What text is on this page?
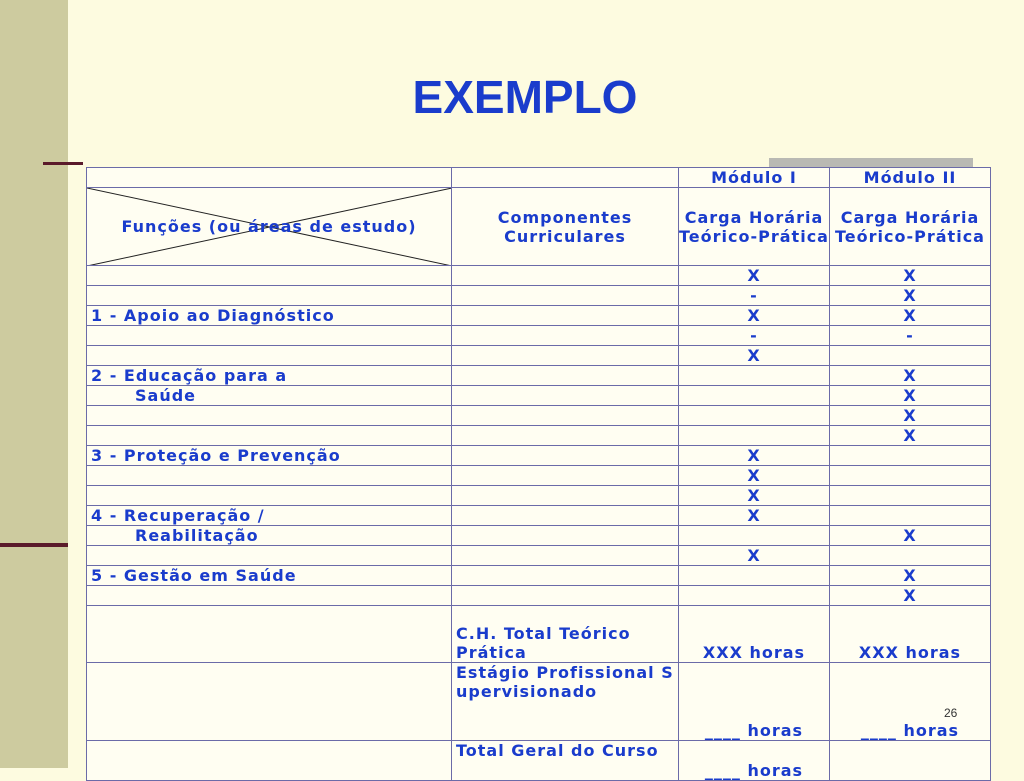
EXEMPLO
		Módulo I	Módulo II

Funções (ou áreas de estudo)	Componentes Curriculares	Carga Horária Teórico-Prática	Carga Horária Teórico-Prática
		X	X
		-	X
1 - Apoio ao Diagnóstico		X	X
		-	-
		X	
2 - Educação para a			X
Saúde			X
			X
			X
3 - Proteção e Prevenção		X	
		X	
		X	
4 - Recuperação /		X	
Reabilitação			X
		X	
5 - Gestão em Saúde			X
			X
	C.H. Total Teórico Prática	XXX horas	XXX horas
	Estágio Profissional Supervisionado	____ horas	____ horas
	Total Geral do Curso	____ horas	
26
